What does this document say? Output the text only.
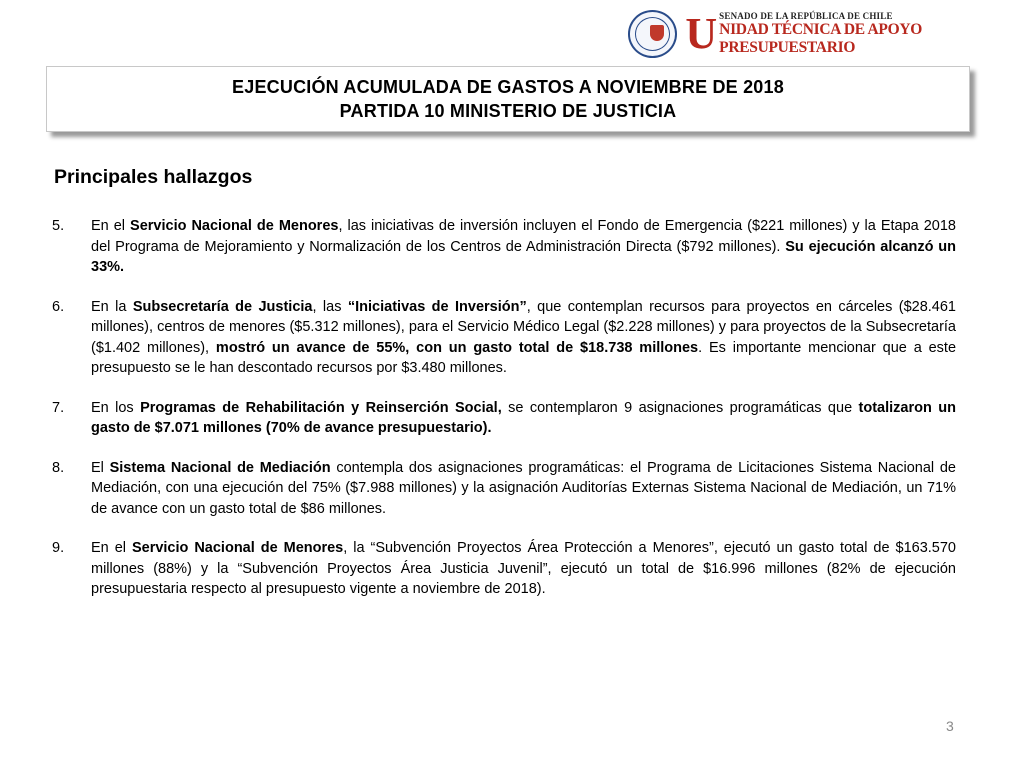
U SENADO DE LA REPÚBLICA DE CHILE
NIDAD TÉCNICA DE APOYO PRESUPUESTARIO
EJECUCIÓN ACUMULADA DE GASTOS A NOVIEMBRE DE 2018
PARTIDA 10 MINISTERIO DE JUSTICIA
Principales hallazgos
5.	En el Servicio Nacional de Menores, las iniciativas de inversión incluyen el Fondo de Emergencia ($221 millones) y la Etapa 2018 del Programa de Mejoramiento y Normalización de los Centros de Administración Directa ($792 millones). Su ejecución alcanzó un 33%.
6.	En la Subsecretaría de Justicia, las “Iniciativas de Inversión”, que contemplan recursos para proyectos en cárceles ($28.461 millones), centros de menores ($5.312 millones), para el Servicio Médico Legal ($2.228 millones) y para proyectos de la Subsecretaría ($1.402 millones), mostró un avance de 55%, con un gasto total de $18.738 millones. Es importante mencionar que a este presupuesto se le han descontado recursos por $3.480 millones.
7.	En los Programas de Rehabilitación y Reinserción Social, se contemplaron 9 asignaciones programáticas que totalizaron un gasto de $7.071 millones (70% de avance presupuestario).
8.	El Sistema Nacional de Mediación contempla dos asignaciones programáticas: el Programa de Licitaciones Sistema Nacional de Mediación, con una ejecución del 75% ($7.988 millones) y la asignación Auditorías Externas Sistema Nacional de Mediación, un 71% de avance con un gasto total de $86 millones.
9.	En el Servicio Nacional de Menores, la “Subvención Proyectos Área Protección a Menores”, ejecutó un gasto total de $163.570 millones (88%) y la “Subvención Proyectos Área Justicia Juvenil”, ejecutó un total de $16.996 millones (82% de ejecución presupuestaria respecto al presupuesto vigente a noviembre de 2018).
3
